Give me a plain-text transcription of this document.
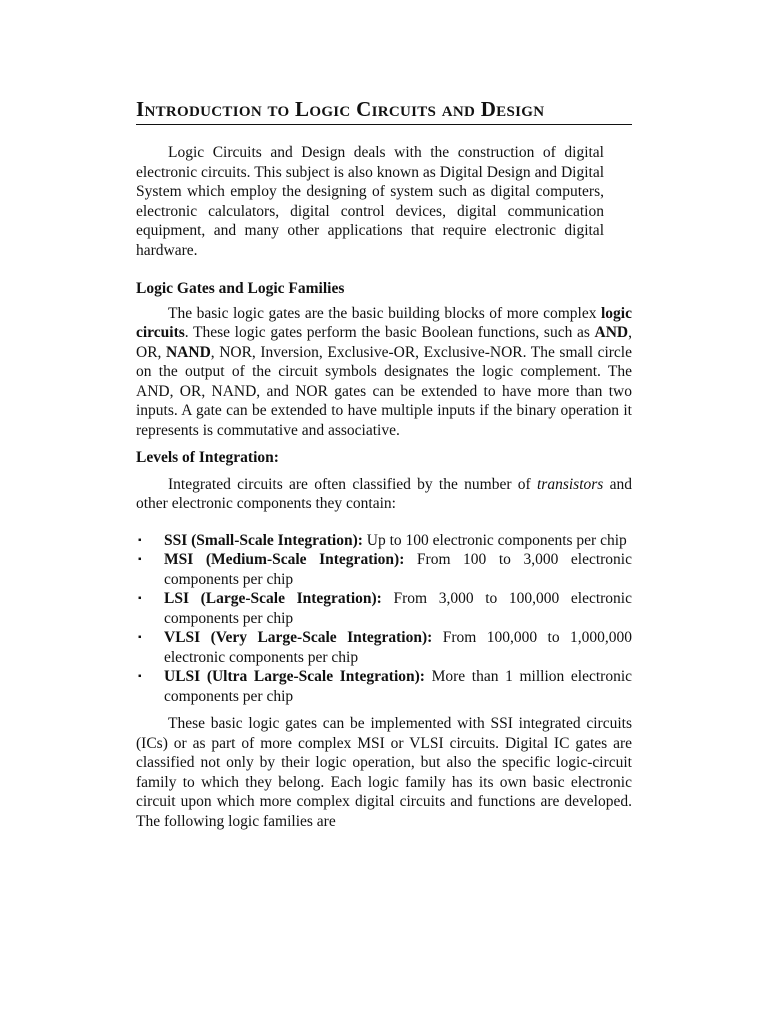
Introduction to Logic Circuits and Design

Logic Circuits and Design deals with the construction of digital electronic circuits. This subject is also known as Digital Design and Digital System which employ the designing of system such as digital computers, electronic calculators, digital control devices, digital communication equipment, and many other applications that require electronic digital hardware.

Logic Gates and Logic Families

The basic logic gates are the basic building blocks of more complex logic circuits. These logic gates perform the basic Boolean functions, such as AND, OR, NAND, NOR, Inversion, Exclusive-OR, Exclusive-NOR. The small circle on the output of the circuit symbols designates the logic complement. The AND, OR, NAND, and NOR gates can be extended to have more than two inputs. A gate can be extended to have multiple inputs if the binary operation it represents is commutative and associative.

Levels of Integration:

Integrated circuits are often classified by the number of transistors and other electronic components they contain:

▪ SSI (Small-Scale Integration): Up to 100 electronic components per chip
▪ MSI (Medium-Scale Integration): From 100 to 3,000 electronic components per chip
▪ LSI (Large-Scale Integration): From 3,000 to 100,000 electronic components per chip
▪ VLSI (Very Large-Scale Integration): From 100,000 to 1,000,000 electronic components per chip
▪ ULSI (Ultra Large-Scale Integration): More than 1 million electronic components per chip

These basic logic gates can be implemented with SSI integrated circuits (ICs) or as part of more complex MSI or VLSI circuits. Digital IC gates are classified not only by their logic operation, but also the specific logic-circuit family to which they belong. Each logic family has its own basic electronic circuit upon which more complex digital circuits and functions are developed. The following logic families are
